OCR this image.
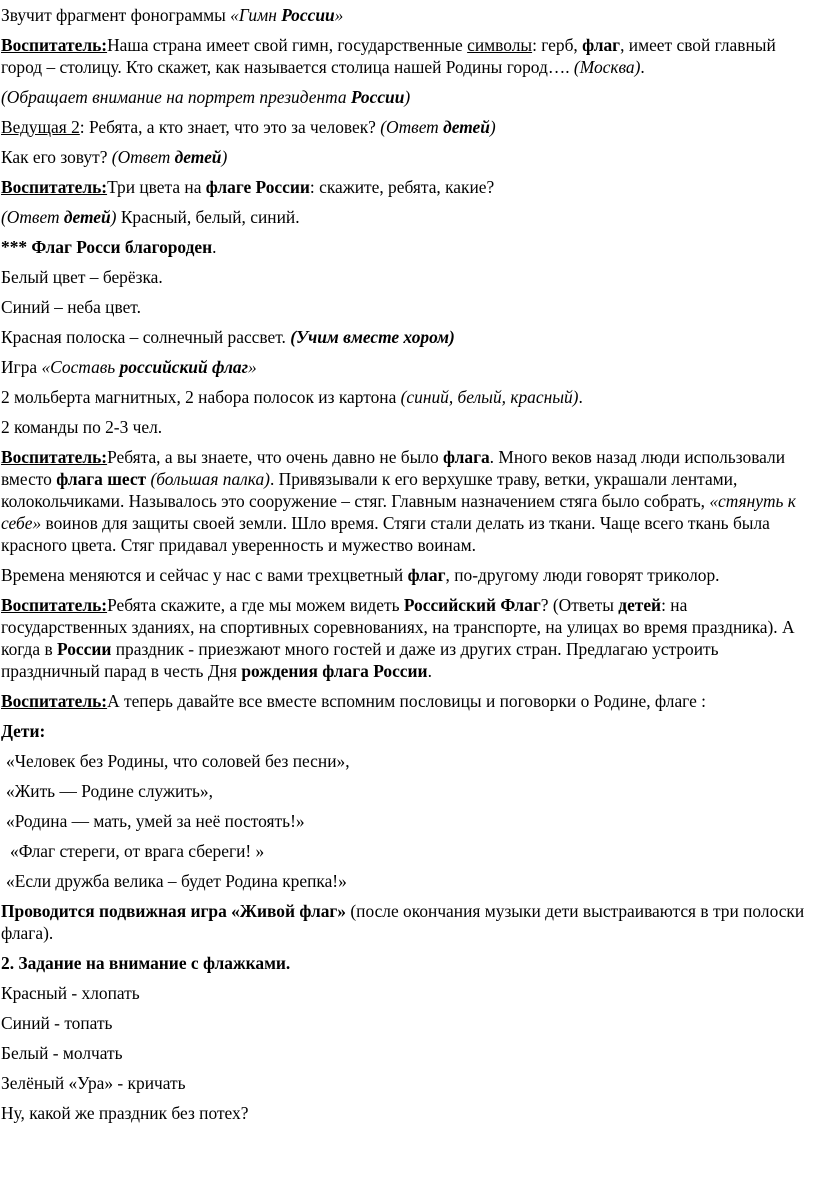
Звучит фрагмент фонограммы «Гимн России»

Воспитатель:Наша страна имеет свой гимн, государственные символы: герб, флаг, имеет свой главный город – столицу. Кто скажет, как называется столица нашей Родины город…. (Москва).

(Обращает внимание на портрет президента России)

Ведущая 2: Ребята, а кто знает, что это за человек? (Ответ детей)

Как его зовут? (Ответ детей)

Воспитатель:Три цвета на флаге России: скажите, ребята, какие?

(Ответ детей) Красный, белый, синий.

*** Флаг Росси благороден.

Белый цвет – берёзка.

Синий – неба цвет.

Красная полоска – солнечный рассвет. (Учим вместе хором)

Игра «Составь российский флаг»

2 мольберта магнитных, 2 набора полосок из картона (синий, белый, красный).

2 команды по 2-3 чел.

Воспитатель:Ребята, а вы знаете, что очень давно не было флага. Много веков назад люди использовали вместо флага шест (большая палка). Привязывали к его верхушке траву, ветки, украшали лентами, колокольчиками. Называлось это сооружение – стяг. Главным назначением стяга было собрать, «стянуть к себе» воинов для защиты своей земли. Шло время. Стяги стали делать из ткани. Чаще всего ткань была красного цвета. Стяг придавал уверенность и мужество воинам.

Времена меняются и сейчас у нас с вами трехцветный флаг, по-другому люди говорят триколор.

Воспитатель:Ребята скажите, а где мы можем видеть Российский Флаг? (Ответы детей: на государственных зданиях, на спортивных соревнованиях, на транспорте, на улицах во время праздника). А когда в России праздник - приезжают много гостей и даже из других стран. Предлагаю устроить праздничный парад в честь Дня рождения флага России.

Воспитатель:А теперь давайте все вместе вспомним пословицы и поговорки о Родине, флаге :

Дети:

«Человек без Родины, что соловей без песни»,

«Жить — Родине служить»,

«Родина — мать, умей за неё постоять!»

«Флаг стереги, от врага сбереги! »

«Если дружба велика – будет Родина крепка!»

Проводится подвижная игра «Живой флаг» (после окончания музыки дети выстраиваются в три полоски флага).

2. Задание на внимание с флажками.

Красный - хлопать

Синий - топать

Белый - молчать

Зелёный «Ура» - кричать

Ну, какой же праздник без потех?
